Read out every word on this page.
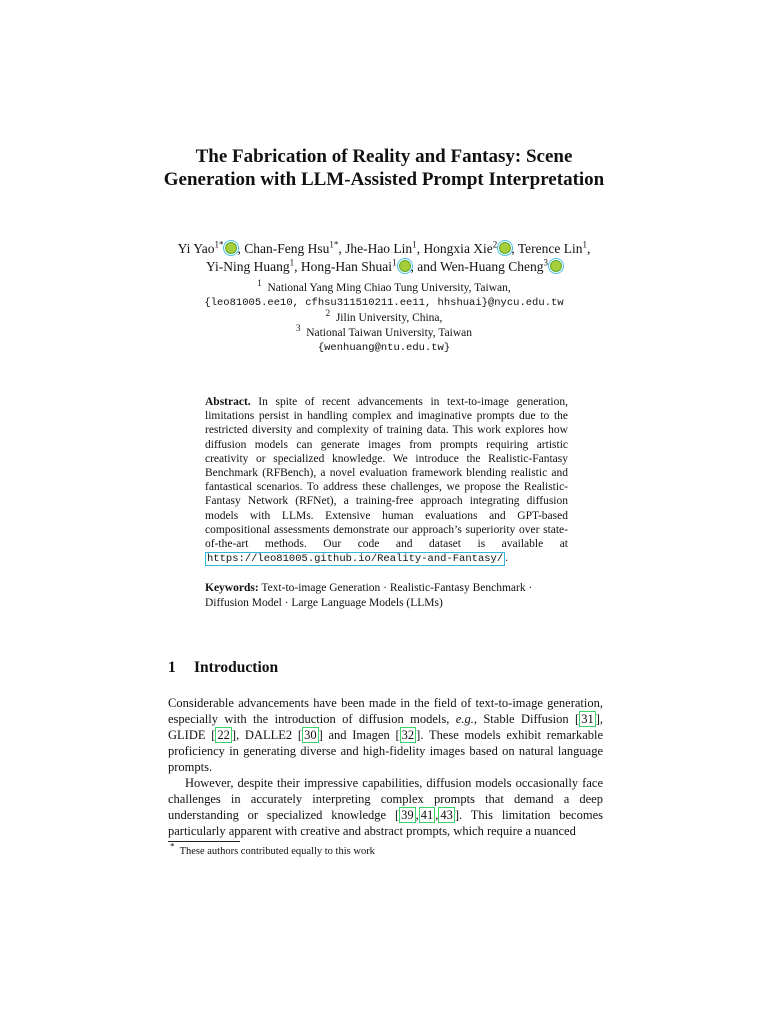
The Fabrication of Reality and Fantasy: Scene Generation with LLM-Assisted Prompt Interpretation
Yi Yao$^{1*}$ , Chan-Feng Hsu$^{1*}$, Jhe-Hao Lin$^1$, Hongxia Xie$^2$ , Terence Lin$^1$,
Yi-Ning Huang$^1$, Hong-Han Shuai$^1$ , and Wen-Huang Cheng$^3$
$^1$ National Yang Ming Chiao Tung University, Taiwan,
{leo81005.ee10, cfhsu311510211.ee11, hhshuai}@nycu.edu.tw
$^2$ Jilin University, China,
$^3$ National Taiwan University, Taiwan
{wenhuang@ntu.edu.tw}
Abstract. In spite of recent advancements in text-to-image generation, limitations persist in handling complex and imaginative prompts due to the restricted diversity and complexity of training data. This work explores how diffusion models can generate images from prompts requiring artistic creativity or specialized knowledge. We introduce the Realistic-Fantasy Benchmark (RFBench), a novel evaluation framework blending realistic and fantastical scenarios. To address these challenges, we propose the Realistic-Fantasy Network (RFNet), a training-free approach integrating diffusion models with LLMs. Extensive human evaluations and GPT-based compositional assessments demonstrate our approach’s superiority over state-of-the-art methods. Our code and dataset is available at https://leo81005.github.io/Reality-and-Fantasy/ .
Keywords: Text-to-image Generation · Realistic-Fantasy Benchmark · Diffusion Model · Large Language Models (LLMs)
1 Introduction

Considerable advancements have been made in the field of text-to-image generation, especially with the introduction of diffusion models, e.g., Stable Diffusion [ 31 ], GLIDE [ 22 ], DALLE2 [ 30 ] and Imagen [ 32 ]. These models exhibit remarkable proficiency in generating diverse and high-fidelity images based on natural language prompts.

However, despite their impressive capabilities, diffusion models occasionally face challenges in accurately interpreting complex prompts that demand a deep understanding or specialized knowledge [ 39 , 41 , 43 ]. This limitation becomes particularly apparent with creative and abstract prompts, which require a nuanced

* These authors contributed equally to this work
